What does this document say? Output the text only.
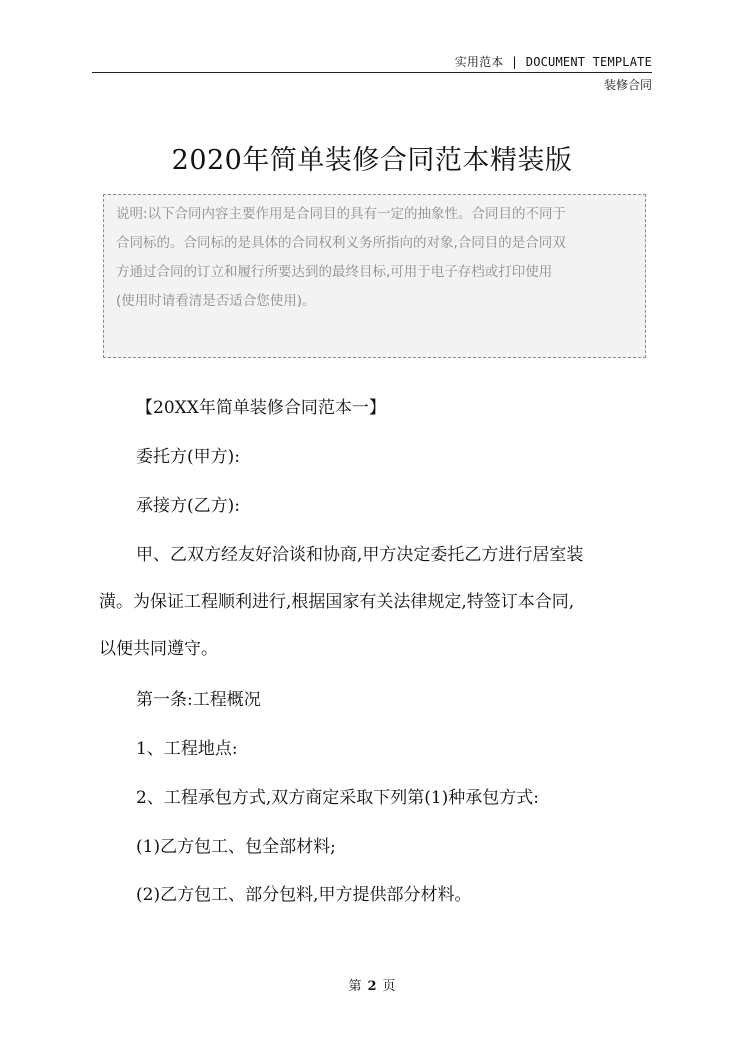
实用范本 | DOCUMENT TEMPLATE
装修合同
2020年简单装修合同范本精装版
说明:以下合同内容主要作用是合同目的具有一定的抽象性。合同目的不同于
合同标的。合同标的是具体的合同权利义务所指向的对象,合同目的是合同双
方通过合同的订立和履行所要达到的最终目标,可用于电子存档或打印使用
(使用时请看清是否适合您使用)。
【20XX年简单装修合同范本一】
委托方(甲方):
承接方(乙方):
甲、乙双方经友好洽谈和协商,甲方决定委托乙方进行居室装
潢。为保证工程顺利进行,根据国家有关法律规定,特签订本合同,
以便共同遵守。
第一条:工程概况
1、工程地点:
2、工程承包方式,双方商定采取下列第(1)种承包方式:
(1)乙方包工、包全部材料;
(2)乙方包工、部分包料,甲方提供部分材料。
第 2 页
